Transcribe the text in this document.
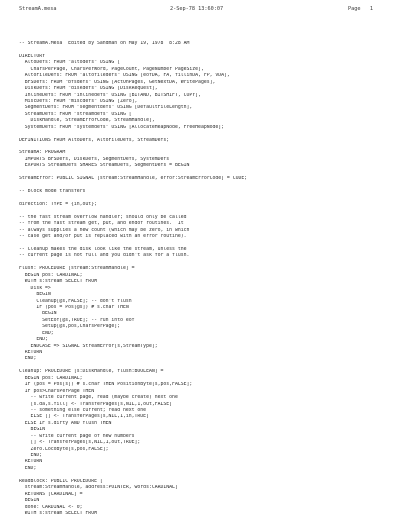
StreamA.mesa	2-Sep-78 13:60:07	Page 1
-- StreamA.Mesa  Edited by Sandman on May 19, 1978  8:28 AM
DIRECTORY
AltoDefs: FROM "altodefs" USING [
CharsPerPage, CharsPerWord, PageCount, PageNumber PageSize],
AltoFileDefs: FROM "altofiledefs" USING [eofDA, FA, fillinDA, FP, vDA],
BFSDefs: FROM "bfsdefs" USING [ActOnPages, GetNextDA, WritePages],
DiskDefs: FROM "diskdefs" USING [DiskRequest],
InlineDefs: FROM "inlinedefs" USING [BITAND, BITSHIFT, COPY],
MiscDefs: FROM "miscdefs" USING [Zero],
SegmentDefs: FROM "segmentdefs" USING [DefaultFileLength],
StreamDefs: FROM "streamdefs" USING [
DiskHandle, StreamErrorCode, StreamHandle],
SystemDefs: FROM "systemdefs" USING [AllocateHeapNode, FreeHeapNode];
DEFINITIONS FROM AltoDefs, AltoFileDefs, StreamDefs;
StreamA: PROGRAM
IMPORTS BFSDefs, DiskDefs, SegmentDefs, SystemDefs
EXPORTS StreamDefs SHARES StreamDefs, SegmentDefs = BEGIN
StreamError: PUBLIC SIGNAL [stream:StreamHandle, error:StreamErrorCode] = CODE;
-- block mode transfers
direction: TYPE = {in,out};
-- the fast stream overflow handler; should only be called
-- from the fast stream get, put, and endof routines.  It
-- always supplies a new count (which may be zero, in which
-- case get and/or put is replaced with an error routine).
-- Cleanup makes the disk look like the stream, unless the
-- current page is not full and you didn't ask for a flush.
Flush: PROCEDURE [stream:StreamHandle] =
BEGIN pos: CARDINAL;
WITH s:stream SELECT FROM
Disk =>
BEGIN
Cleanup[@s,FALSE]; -- don't flush
IF (pos = Pos[@s]) # s.char THEN
BEGIN
SetEof[@s,TRUE]; -- run into eof
Setup[@s,pos,CharsPerPage];
END;
END;
ENDCASE => SIGNAL StreamError[s,StreamType];
RETURN
END;
Cleanup: PROCEDURE [s:DiskHandle, flush:BOOLEAN] =
BEGIN pos: CARDINAL;
IF (pos = Pos[s]) # s.char THEN PositionByte[s,pos,FALSE];
IF pos>CharsPerPage THEN
-- write current page, read (maybe create) next one
[s.da,s.fill] <- TransferPages[s,NIL,1,out,FALSE]
-- something else current; read next one
ELSE [] <- TransferPages[s,NIL,1,in,TRUE]
ELSE IF s.dirty AND flush THEN
BEGIN
-- write current page of new numbers
[] <- TransferPages[s,NIL,1,out,TRUE];
Zero.LocoByte[s,pos,FALSE];
END;
RETURN
END;
ReadBlock: PUBLIC PROCEDURE [
stream:StreamHandle, address:POINTER, words:CARDINAL]
RETURNS [CARDINAL] =
BEGIN
done: CARDINAL <- 0;
WITH s:stream SELECT FROM
